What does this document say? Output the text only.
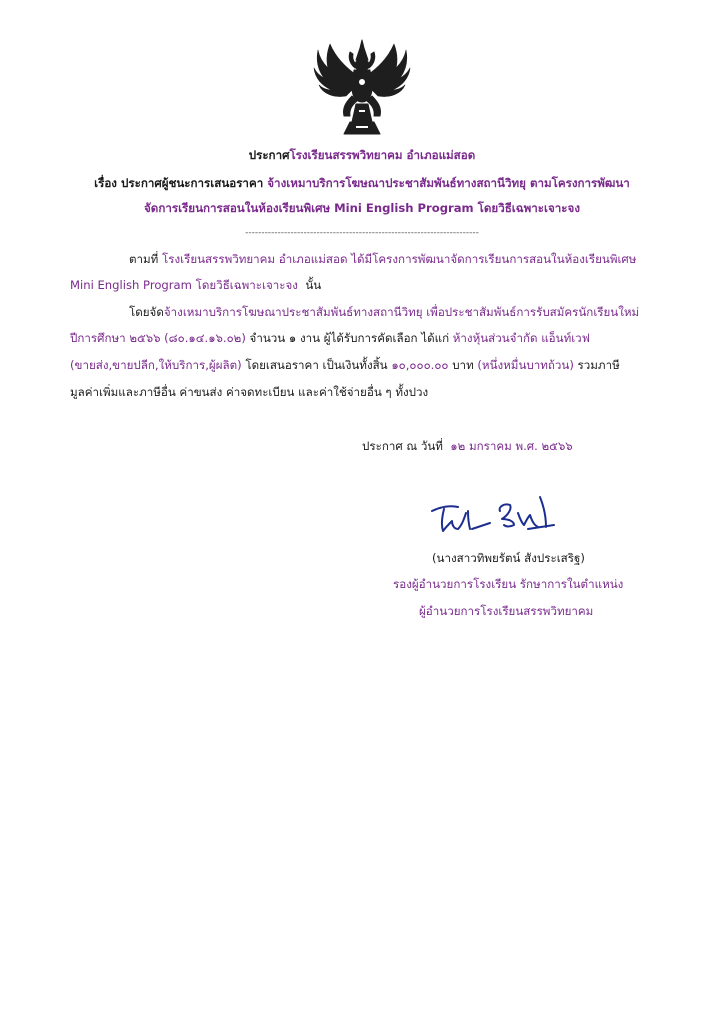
ประกาศโรงเรียนสรรพวิทยาคม อำเภอแม่สอด
เรื่อง ประกาศผู้ชนะการเสนอราคา จ้างเหมาบริการโฆษณาประชาสัมพันธ์ทางสถานีวิทยุ ตามโครงการพัฒนา
จัดการเรียนการสอนในห้องเรียนพิเศษ Mini English Program โดยวิธีเฉพาะเจาะจง
------------------------------------------------------------------------
ตามที่ โรงเรียนสรรพวิทยาคม อำเภอแม่สอด ได้มีโครงการพัฒนาจัดการเรียนการสอนในห้องเรียนพิเศษ
Mini English Program โดยวิธีเฉพาะเจาะจง นั้น
โดยจัดจ้างเหมาบริการโฆษณาประชาสัมพันธ์ทางสถานีวิทยุ เพื่อประชาสัมพันธ์การรับสมัครนักเรียนใหม่
ปีการศึกษา ๒๕๖๖ (๘๐.๑๔.๑๖.๐๒) จำนวน ๑ งาน ผู้ได้รับการคัดเลือก ได้แก่ ห้างหุ้นส่วนจำกัด แอ็นท์เวฟ
(ขายส่ง,ขายปลีก,ให้บริการ,ผู้ผลิต) โดยเสนอราคา เป็นเงินทั้งสิ้น ๑๐,๐๐๐.๐๐ บาท (หนึ่งหมื่นบาทถ้วน) รวมภาษี
มูลค่าเพิ่มและภาษีอื่น ค่าขนส่ง ค่าจดทะเบียน และค่าใช้จ่ายอื่น ๆ ทั้งปวง
ประกาศ ณ วันที่ ๑๒ มกราคม พ.ศ. ๒๕๖๖
(นางสาวทิพยรัตน์ สังประเสริฐ)
รองผู้อำนวยการโรงเรียน รักษาการในตำแหน่ง
ผู้อำนวยการโรงเรียนสรรพวิทยาคม
